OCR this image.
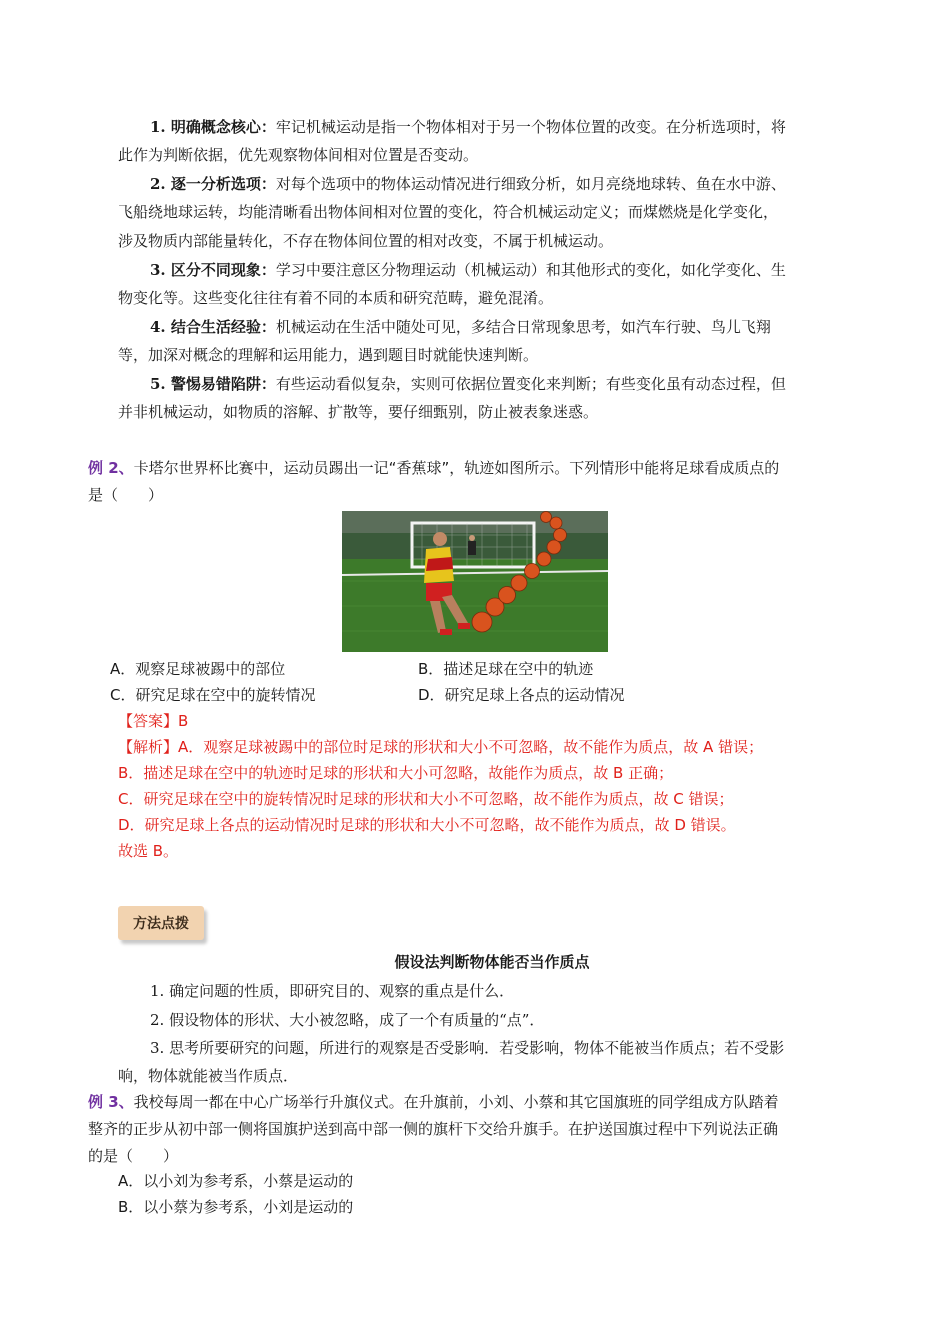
1. 明确概念核心：牢记机械运动是指一个物体相对于另一个物体位置的改变。在分析选项时，将
此作为判断依据，优先观察物体间相对位置是否变动。
2. 逐一分析选项：对每个选项中的物体运动情况进行细致分析，如月亮绕地球转、鱼在水中游、
飞船绕地球运转，均能清晰看出物体间相对位置的变化，符合机械运动定义；而煤燃烧是化学变化，
涉及物质内部能量转化，不存在物体间位置的相对改变，不属于机械运动。
3. 区分不同现象：学习中要注意区分物理运动（机械运动）和其他形式的变化，如化学变化、生
物变化等。这些变化往往有着不同的本质和研究范畴，避免混淆。
4. 结合生活经验：机械运动在生活中随处可见，多结合日常现象思考，如汽车行驶、鸟儿飞翔
等，加深对概念的理解和运用能力，遇到题目时就能快速判断。
5. 警惕易错陷阱：有些运动看似复杂，实则可依据位置变化来判断；有些变化虽有动态过程，但
并非机械运动，如物质的溶解、扩散等，要仔细甄别，防止被表象迷惑。
例 2、卡塔尔世界杯比赛中，运动员踢出一记“香蕉球”，轨迹如图所示。下列情形中能将足球看成质点的
是（　　）
A．观察足球被踢中的部位	B．描述足球在空中的轨迹
C．研究足球在空中的旋转情况	D．研究足球上各点的运动情况
【答案】B
【解析】A．观察足球被踢中的部位时足球的形状和大小不可忽略，故不能作为质点，故 A 错误；
B．描述足球在空中的轨迹时足球的形状和大小可忽略，故能作为质点，故 B 正确；
C．研究足球在空中的旋转情况时足球的形状和大小不可忽略，故不能作为质点，故 C 错误；
D．研究足球上各点的运动情况时足球的形状和大小不可忽略，故不能作为质点，故 D 错误。
故选 B。
方法点拨
假设法判断物体能否当作质点
1. 确定问题的性质，即研究目的、观察的重点是什么．
2. 假设物体的形状、大小被忽略，成了一个有质量的“点”．
3. 思考所要研究的问题，所进行的观察是否受影响．若受影响，物体不能被当作质点；若不受影
响，物体就能被当作质点．
例 3、我校每周一都在中心广场举行升旗仪式。在升旗前，小刘、小蔡和其它国旗班的同学组成方队踏着
整齐的正步从初中部一侧将国旗护送到高中部一侧的旗杆下交给升旗手。在护送国旗过程中下列说法正确
的是（　　）
A．以小刘为参考系，小蔡是运动的
B．以小蔡为参考系，小刘是运动的
